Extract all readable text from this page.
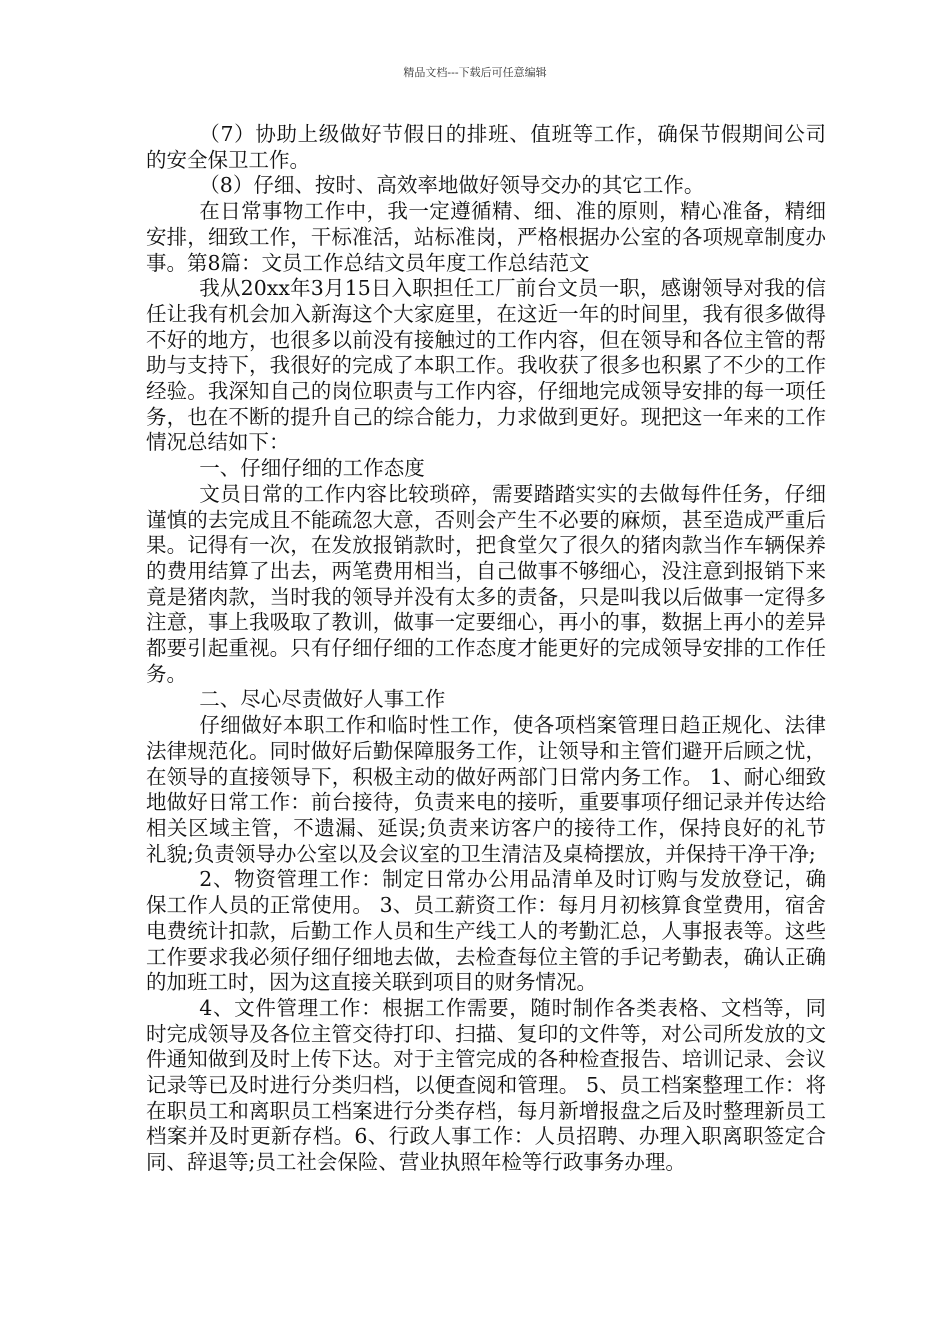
精品文档---下载后可任意编辑

（7）协助上级做好节假日的排班、值班等工作，确保节假期间公司的安全保卫工作。

（8）仔细、按时、高效率地做好领导交办的其它工作。

在日常事物工作中，我一定遵循精、细、准的原则，精心准备，精细安排，细致工作，干标准活，站标准岗，严格根据办公室的各项规章制度办事。第8篇：文员工作总结文员年度工作总结范文

我从20xx年3月15日入职担任工厂前台文员一职，感谢领导对我的信任让我有机会加入新海这个大家庭里，在这近一年的时间里，我有很多做得不好的地方，也很多以前没有接触过的工作内容，但在领导和各位主管的帮助与支持下，我很好的完成了本职工作。我收获了很多也积累了不少的工作经验。我深知自己的岗位职责与工作内容，仔细地完成领导安排的每一项任务，也在不断的提升自己的综合能力，力求做到更好。现把这一年来的工作情况总结如下：

一、仔细仔细的工作态度

文员日常的工作内容比较琐碎，需要踏踏实实的去做每件任务，仔细谨慎的去完成且不能疏忽大意，否则会产生不必要的麻烦，甚至造成严重后果。记得有一次，在发放报销款时，把食堂欠了很久的猪肉款当作车辆保养的费用结算了出去，两笔费用相当，自己做事不够细心，没注意到报销下来竟是猪肉款，当时我的领导并没有太多的责备，只是叫我以后做事一定得多注意，事上我吸取了教训，做事一定要细心，再小的事，数据上再小的差异都要引起重视。只有仔细仔细的工作态度才能更好的完成领导安排的工作任务。

二、尽心尽责做好人事工作

仔细做好本职工作和临时性工作，使各项档案管理日趋正规化、法律法律规范化。同时做好后勤保障服务工作，让领导和主管们避开后顾之忧，在领导的直接领导下，积极主动的做好两部门日常内务工作。 1、耐心细致地做好日常工作：前台接待，负责来电的接听，重要事项仔细记录并传达给相关区域主管，不遗漏、延误;负责来访客户的接待工作，保持良好的礼节礼貌;负责领导办公室以及会议室的卫生清洁及桌椅摆放，并保持干净干净;

2、物资管理工作：制定日常办公用品清单及时订购与发放登记，确保工作人员的正常使用。 3、员工薪资工作：每月月初核算食堂费用，宿舍电费统计扣款，后勤工作人员和生产线工人的考勤汇总，人事报表等。这些工作要求我必须仔细仔细地去做，去检查每位主管的手记考勤表，确认正确的加班工时，因为这直接关联到项目的财务情况。

4、文件管理工作：根据工作需要，随时制作各类表格、文档等，同时完成领导及各位主管交待打印、扫描、复印的文件等，对公司所发放的文件通知做到及时上传下达。对于主管完成的各种检查报告、培训记录、会议记录等已及时进行分类归档，以便查阅和管理。 5、员工档案整理工作：将在职员工和离职员工档案进行分类存档，每月新增报盘之后及时整理新员工档案并及时更新存档。6、行政人事工作：人员招聘、办理入职离职签定合同、辞退等;员工社会保险、营业执照年检等行政事务办理。
